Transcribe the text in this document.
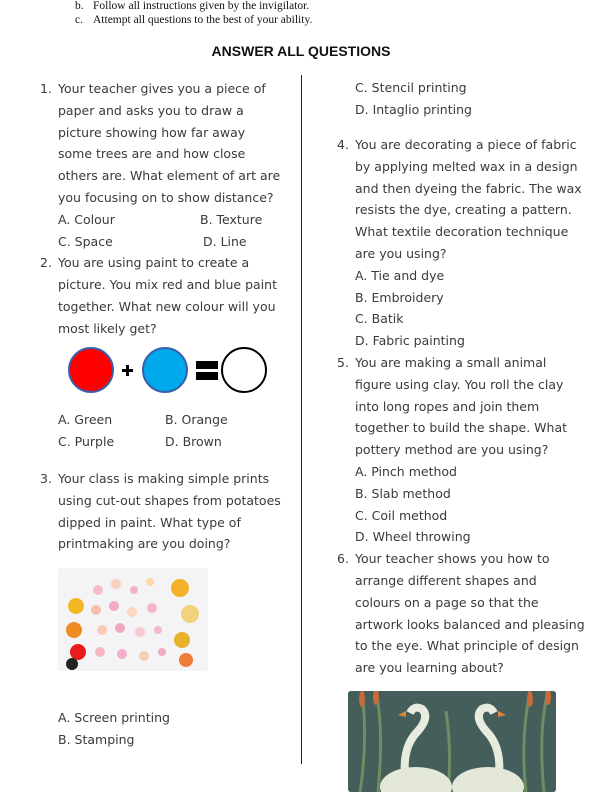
b. Follow all instructions given by the invigilator.
c. Attempt all questions to the best of your ability.
ANSWER ALL QUESTIONS
1. Your teacher gives you a piece of paper and asks you to draw a picture showing how far away some trees are and how close others are. What element of art are you focusing on to show distance?
A. Colour	B. Texture
C. Space	D. Line
2. You are using paint to create a picture. You mix red and blue paint together. What new colour will you most likely get?
A. Green	B. Orange
C. Purple	D. Brown
3. Your class is making simple prints using cut-out shapes from potatoes dipped in paint. What type of printmaking are you doing?
A. Screen printing
B. Stamping
C. Stencil printing
D. Intaglio printing
4. You are decorating a piece of fabric by applying melted wax in a design and then dyeing the fabric. The wax resists the dye, creating a pattern. What textile decoration technique are you using?
A. Tie and dye
B. Embroidery
C. Batik
D. Fabric painting
5. You are making a small animal figure using clay. You roll the clay into long ropes and join them together to build the shape. What pottery method are you using?
A. Pinch method
B. Slab method
C. Coil method
D. Wheel throwing
6. Your teacher shows you how to arrange different shapes and colours on a page so that the artwork looks balanced and pleasing to the eye. What principle of design are you learning about?
